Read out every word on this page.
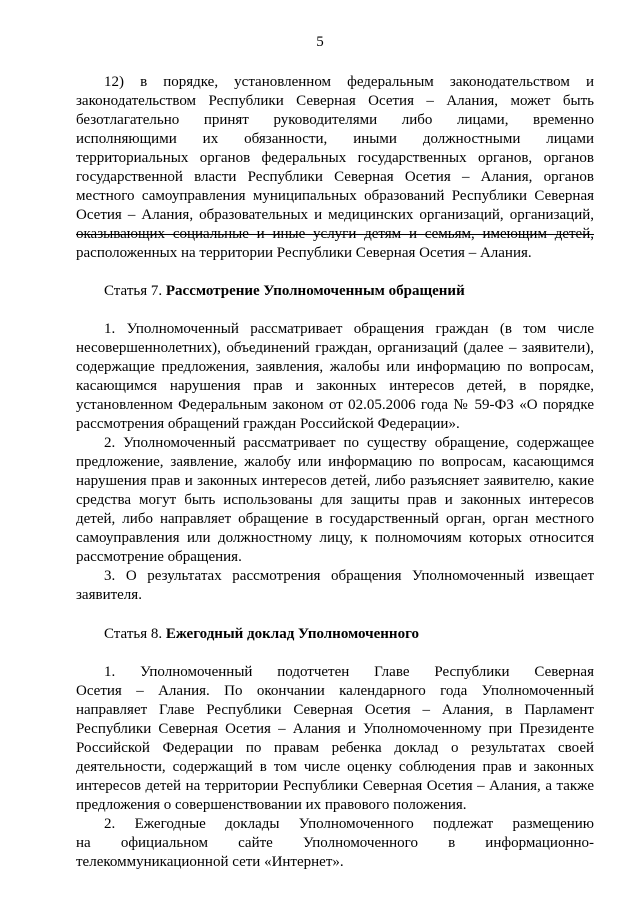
5
12) в порядке, установленном федеральным законодательством и
законодательством Республики Северная Осетия – Алания, может быть
безотлагательно принят руководителями либо лицами, временно
исполняющими их обязанности, иными должностными лицами
территориальных органов федеральных государственных органов, органов
государственной власти Республики Северная Осетия – Алания, органов
местного самоуправления муниципальных образований Республики Северная
Осетия – Алания, образовательных и медицинских организаций, организаций,
оказывающих социальные и иные услуги детям и семьям, имеющим детей,
расположенных на территории Республики Северная Осетия – Алания.
Статья 7. Рассмотрение Уполномоченным обращений
1. Уполномоченный рассматривает обращения граждан (в том числе
несовершеннолетних), объединений граждан, организаций (далее – заявители),
содержащие предложения, заявления, жалобы или информацию по вопросам,
касающимся нарушения прав и законных интересов детей, в порядке,
установленном Федеральным законом от 02.05.2006 года № 59-ФЗ «О порядке
рассмотрения обращений граждан Российской Федерации».
2. Уполномоченный рассматривает по существу обращение, содержащее
предложение, заявление, жалобу или информацию по вопросам, касающимся
нарушения прав и законных интересов детей, либо разъясняет заявителю, какие
средства могут быть использованы для защиты прав и законных интересов
детей, либо направляет обращение в государственный орган, орган местного
самоуправления или должностному лицу, к полномочиям которых относится
рассмотрение обращения.
3. О результатах рассмотрения обращения Уполномоченный извещает
заявителя.
Статья 8. Ежегодный доклад Уполномоченного
1. Уполномоченный подотчетен Главе Республики Северная
Осетия – Алания. По окончании календарного года Уполномоченный
направляет Главе Республики Северная Осетия – Алания, в Парламент
Республики Северная Осетия – Алания и Уполномоченному при Президенте
Российской Федерации по правам ребенка доклад о результатах своей
деятельности, содержащий в том числе оценку соблюдения прав и законных
интересов детей на территории Республики Северная Осетия – Алания, а также
предложения о совершенствовании их правового положения.
2. Ежегодные доклады Уполномоченного подлежат размещению
на официальном сайте Уполномоченного в информационно-
телекоммуникационной сети «Интернет».
